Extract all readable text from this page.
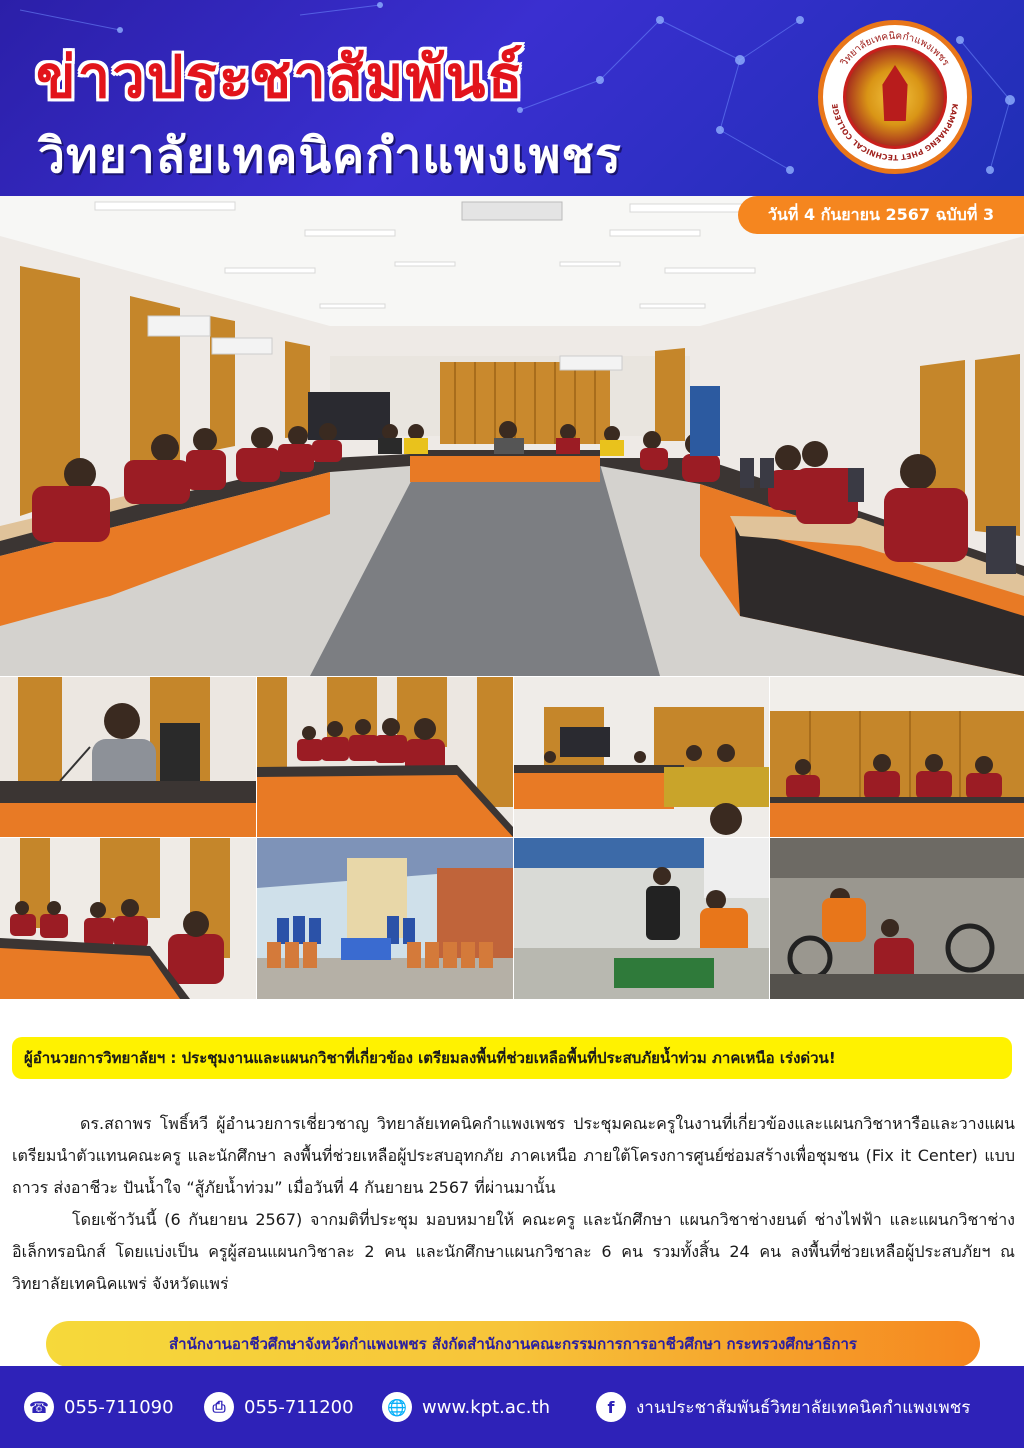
ข่าวประชาสัมพันธ์
วิทยาลัยเทคนิคกำแพงเพชร
วิทยาลัยเทคนิคกำแพงเพชร
KAMPHAENG PHET TECHNICAL COLLEGE
วันที่ 4 กันยายน 2567 ฉบับที่ 3
ผู้อำนวยการวิทยาลัยฯ : ประชุมงานและแผนกวิชาที่เกี่ยวข้อง เตรียมลงพื้นที่ช่วยเหลือพื้นที่ประสบภัยน้ำท่วม ภาคเหนือ เร่งด่วน!

ดร.สถาพร โพธิ์หวี ผู้อำนวยการเชี่ยวชาญ วิทยาลัยเทคนิคกำแพงเพชร ประชุมคณะครูในงานที่เกี่ยวข้องและแผนกวิชาหารือและวางแผนเตรียมนำตัวแทนคณะครู และนักศึกษา ลงพื้นที่ช่วยเหลือผู้ประสบอุทกภัย ภาคเหนือ ภายใต้โครงการศูนย์ซ่อมสร้างเพื่อชุมชน (Fix it Center) แบบถาวร ส่งอาชีวะ ปันน้ำใจ “สู้ภัยน้ำท่วม” เมื่อวันที่ 4 กันยายน 2567 ที่ผ่านมานั้น

โดยเช้าวันนี้ (6 กันยายน 2567) จากมติที่ประชุม มอบหมายให้ คณะครู และนักศึกษา แผนกวิชาช่างยนต์ ช่างไฟฟ้า และแผนกวิชาช่างอิเล็กทรอนิกส์ โดยแบ่งเป็น ครูผู้สอนแผนกวิชาละ 2 คน และนักศึกษาแผนกวิชาละ 6 คน รวมทั้งสิ้น 24 คน ลงพื้นที่ช่วยเหลือผู้ประสบภัยฯ ณ วิทยาลัยเทคนิคแพร่ จังหวัดแพร่

สำนักงานอาชีวศึกษาจังหวัดกำแพงเพชร สังกัดสำนักงานคณะกรรมการการอาชีวศึกษา กระทรวงศึกษาธิการ
☎ 055-711090	⎙	055-711200	🌐 www.kpt.ac.th	f	งานประชาสัมพันธ์วิทยาลัยเทคนิคกำแพงเพชร
